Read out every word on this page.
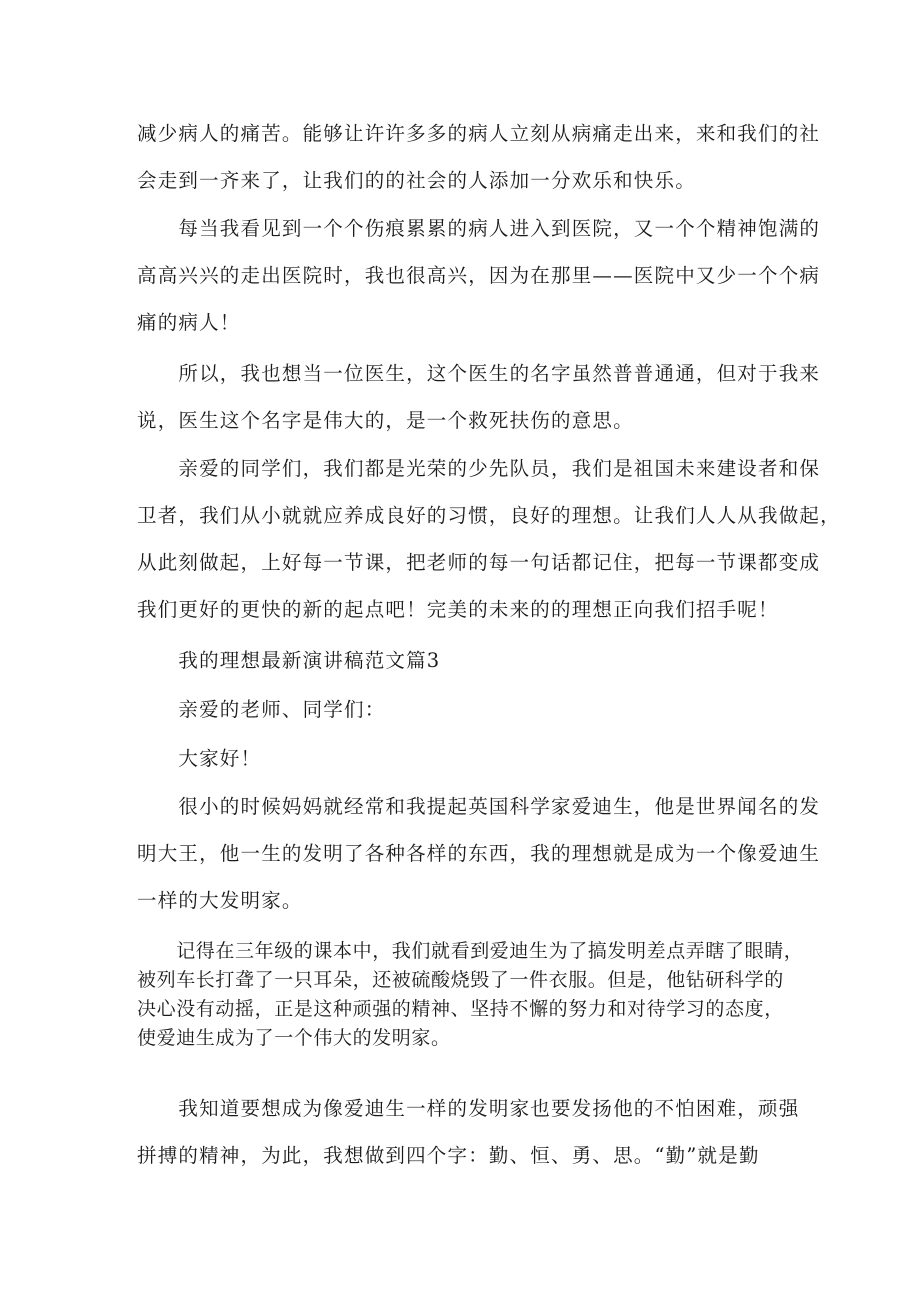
减少病人的痛苦。能够让许许多多的病人立刻从病痛走出来，来和我们的社
会走到一齐来了，让我们的的社会的人添加一分欢乐和快乐。
　　每当我看见到一个个伤痕累累的病人进入到医院，又一个个精神饱满的
高高兴兴的走出医院时，我也很高兴，因为在那里——医院中又少一个个病
痛的病人！
　　所以，我也想当一位医生，这个医生的名字虽然普普通通，但对于我来
说，医生这个名字是伟大的，是一个救死扶伤的意思。
　　亲爱的同学们，我们都是光荣的少先队员，我们是祖国未来建设者和保
卫者，我们从小就就应养成良好的习惯，良好的理想。让我们人人从我做起，
从此刻做起，上好每一节课，把老师的每一句话都记住，把每一节课都变成
我们更好的更快的新的起点吧！完美的未来的的理想正向我们招手呢！
　　我的理想最新演讲稿范文篇3
　　亲爱的老师、同学们：
　　大家好！
　　很小的时候妈妈就经常和我提起英国科学家爱迪生，他是世界闻名的发
明大王，他一生的发明了各种各样的东西，我的理想就是成为一个像爱迪生
一样的大发明家。
　　记得在三年级的课本中，我们就看到爱迪生为了搞发明差点弄瞎了眼睛，
被列车长打聋了一只耳朵，还被硫酸烧毁了一件衣服。但是，他钻研科学的
决心没有动摇，正是这种顽强的精神、坚持不懈的努力和对待学习的态度，
使爱迪生成为了一个伟大的发明家。
　　我知道要想成为像爱迪生一样的发明家也要发扬他的不怕困难，顽强
拼搏的精神，为此，我想做到四个字：勤、恒、勇、思。“勤”就是勤
